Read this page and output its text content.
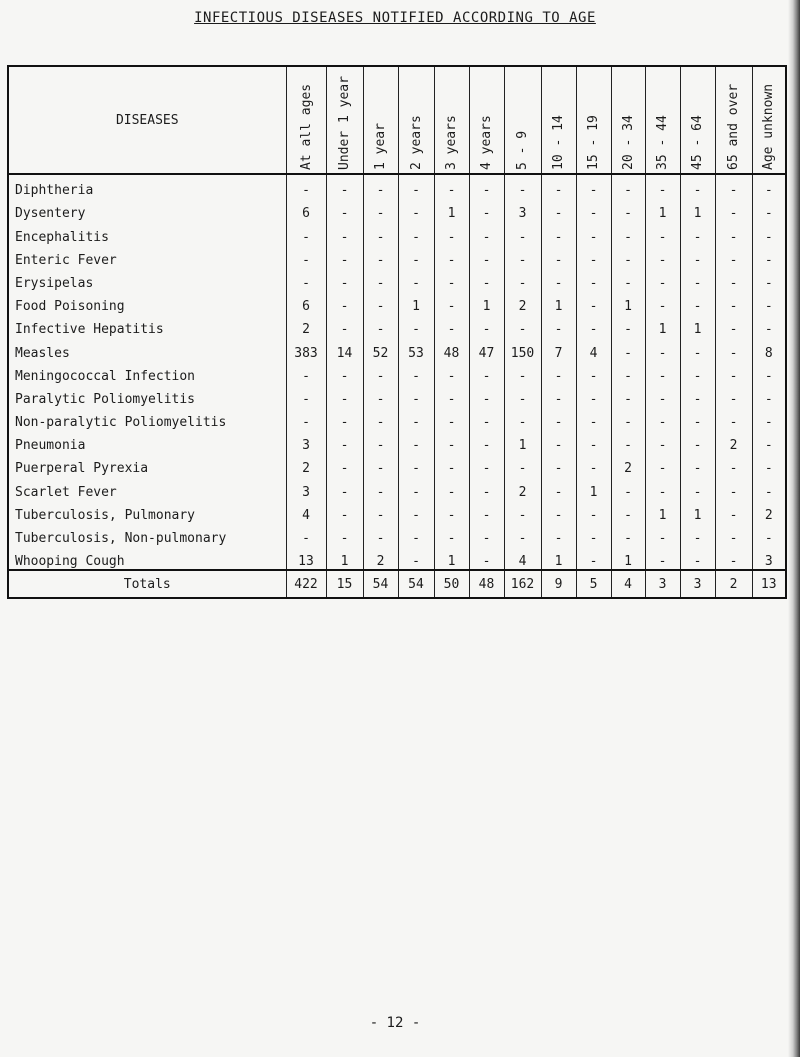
INFECTIOUS DISEASES NOTIFIED ACCORDING TO AGE
DISEASES	At all ages	Under 1 year	1 year	2 years	3 years	4 years	5 - 9	10 - 14	15 - 19	20 - 34	35 - 44	45 - 64	65 and over	Age unknown

Diphtheria	-	-	-	-	-	-	-	-	-	-	-	-	-	-
Dysentery	6	-	-	-	1	-	3	-	-	-	1	1	-	-
Encephalitis	-	-	-	-	-	-	-	-	-	-	-	-	-	-
Enteric Fever	-	-	-	-	-	-	-	-	-	-	-	-	-	-
Erysipelas	-	-	-	-	-	-	-	-	-	-	-	-	-	-
Food Poisoning	6	-	-	1	-	1	2	1	-	1	-	-	-	-
Infective Hepatitis	2	-	-	-	-	-	-	-	-	-	1	1	-	-
Measles	383	14	52	53	48	47	150	7	4	-	-	-	-	8
Meningococcal Infection	-	-	-	-	-	-	-	-	-	-	-	-	-	-
Paralytic Poliomyelitis	-	-	-	-	-	-	-	-	-	-	-	-	-	-
Non-paralytic Poliomyelitis	-	-	-	-	-	-	-	-	-	-	-	-	-	-
Pneumonia	3	-	-	-	-	-	1	-	-	-	-	-	2	-
Puerperal Pyrexia	2	-	-	-	-	-	-	-	-	2	-	-	-	-
Scarlet Fever	3	-	-	-	-	-	2	-	1	-	-	-	-	-
Tuberculosis, Pulmonary	4	-	-	-	-	-	-	-	-	-	1	1	-	2
Tuberculosis, Non-pulmonary	-	-	-	-	-	-	-	-	-	-	-	-	-	-
Whooping Cough	13	1	2	-	1	-	4	1	-	1	-	-	-	3
Totals	422	15	54	54	50	48	162	9	5	4	3	3	2	13
- 12 -
